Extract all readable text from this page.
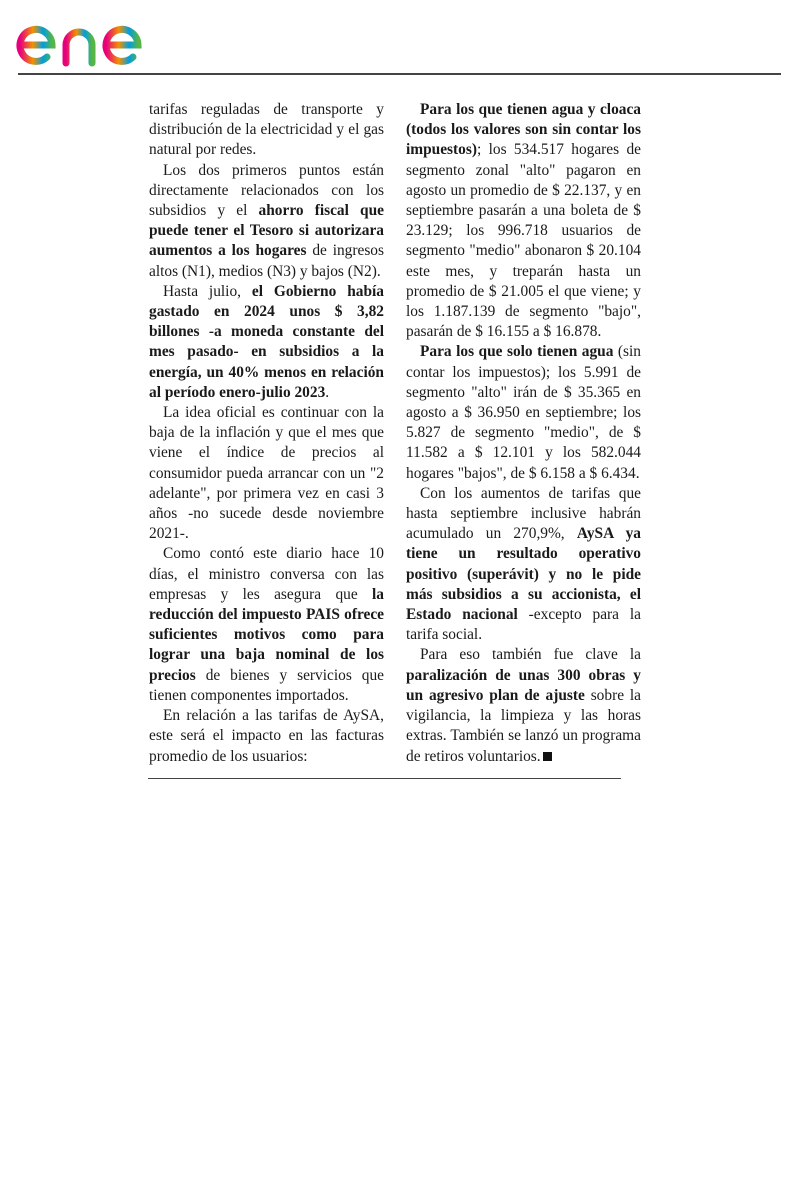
tarifas reguladas de transporte y distribución de la electricidad y el gas natural por redes.

Los dos primeros puntos están directamente relacionados con los subsidios y el ahorro fiscal que puede tener el Tesoro si autorizara aumentos a los hogares de ingresos altos (N1), medios (N3) y bajos (N2).

Hasta julio, el Gobierno había gastado en 2024 unos $ 3,82 billones -a moneda constante del mes pasado- en subsidios a la energía, un 40% menos en relación al período enero-julio 2023.

La idea oficial es continuar con la baja de la inflación y que el mes que viene el índice de precios al consumidor pueda arrancar con un "2 adelante", por primera vez en casi 3 años -no sucede desde noviembre 2021-.

Como contó este diario hace 10 días, el ministro conversa con las empresas y les asegura que la reducción del impuesto PAIS ofrece suficientes motivos como para lograr una baja nominal de los precios de bienes y servicios que tienen componentes importados.

En relación a las tarifas de AySA, este será el impacto en las facturas promedio de los usuarios:

Para los que tienen agua y cloaca (todos los valores son sin contar los impuestos); los 534.517 hogares de segmento zonal "alto" pagaron en agosto un promedio de $ 22.137, y en septiembre pasarán a una boleta de $ 23.129; los 996.718 usuarios de segmento "medio" abonaron $ 20.104 este mes, y treparán hasta un promedio de $ 21.005 el que viene; y los 1.187.139 de segmento "bajo", pasarán de $ 16.155 a $ 16.878.

Para los que solo tienen agua (sin contar los impuestos); los 5.991 de segmento "alto" irán de $ 35.365 en agosto a $ 36.950 en septiembre; los 5.827 de segmento "medio", de $ 11.582 a $ 12.101 y los 582.044 hogares "bajos", de $ 6.158 a $ 6.434.

Con los aumentos de tarifas que hasta septiembre inclusive habrán acumulado un 270,9%, AySA ya tiene un resultado operativo positivo (superávit) y no le pide más subsidios a su accionista, el Estado nacional -excepto para la tarifa social.

Para eso también fue clave la paralización de unas 300 obras y un agresivo plan de ajuste sobre la vigilancia, la limpieza y las horas extras. También se lanzó un programa de retiros voluntarios.
